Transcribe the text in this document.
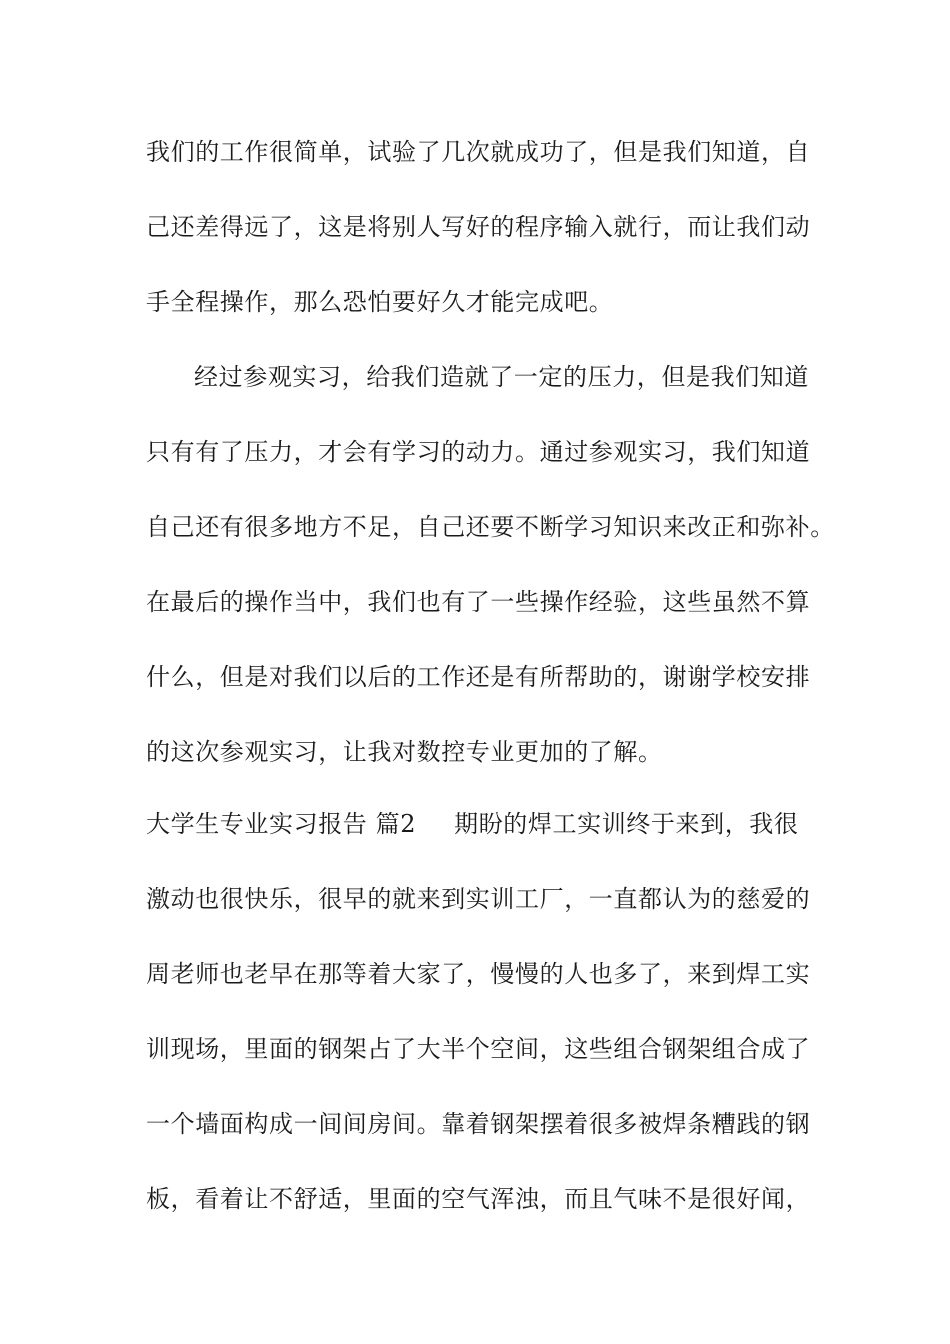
我们的工作很简单，试验了几次就成功了，但是我们知道，自
己还差得远了，这是将别人写好的程序输入就行，而让我们动
手全程操作，那么恐怕要好久才能完成吧。
经过参观实习，给我们造就了一定的压力，但是我们知道
只有有了压力，才会有学习的动力。通过参观实习，我们知道
自己还有很多地方不足，自己还要不断学习知识来改正和弥补。
在最后的操作当中，我们也有了一些操作经验，这些虽然不算
什么，但是对我们以后的工作还是有所帮助的，谢谢学校安排
的这次参观实习，让我对数控专业更加的了解。
大学生专业实习报告 篇2 期盼的焊工实训终于来到，我很
激动也很快乐，很早的就来到实训工厂，一直都认为的慈爱的
周老师也老早在那等着大家了，慢慢的人也多了，来到焊工实
训现场，里面的钢架占了大半个空间，这些组合钢架组合成了
一个墙面构成一间间房间。靠着钢架摆着很多被焊条糟践的钢
板，看着让不舒适，里面的空气浑浊，而且气味不是很好闻，
